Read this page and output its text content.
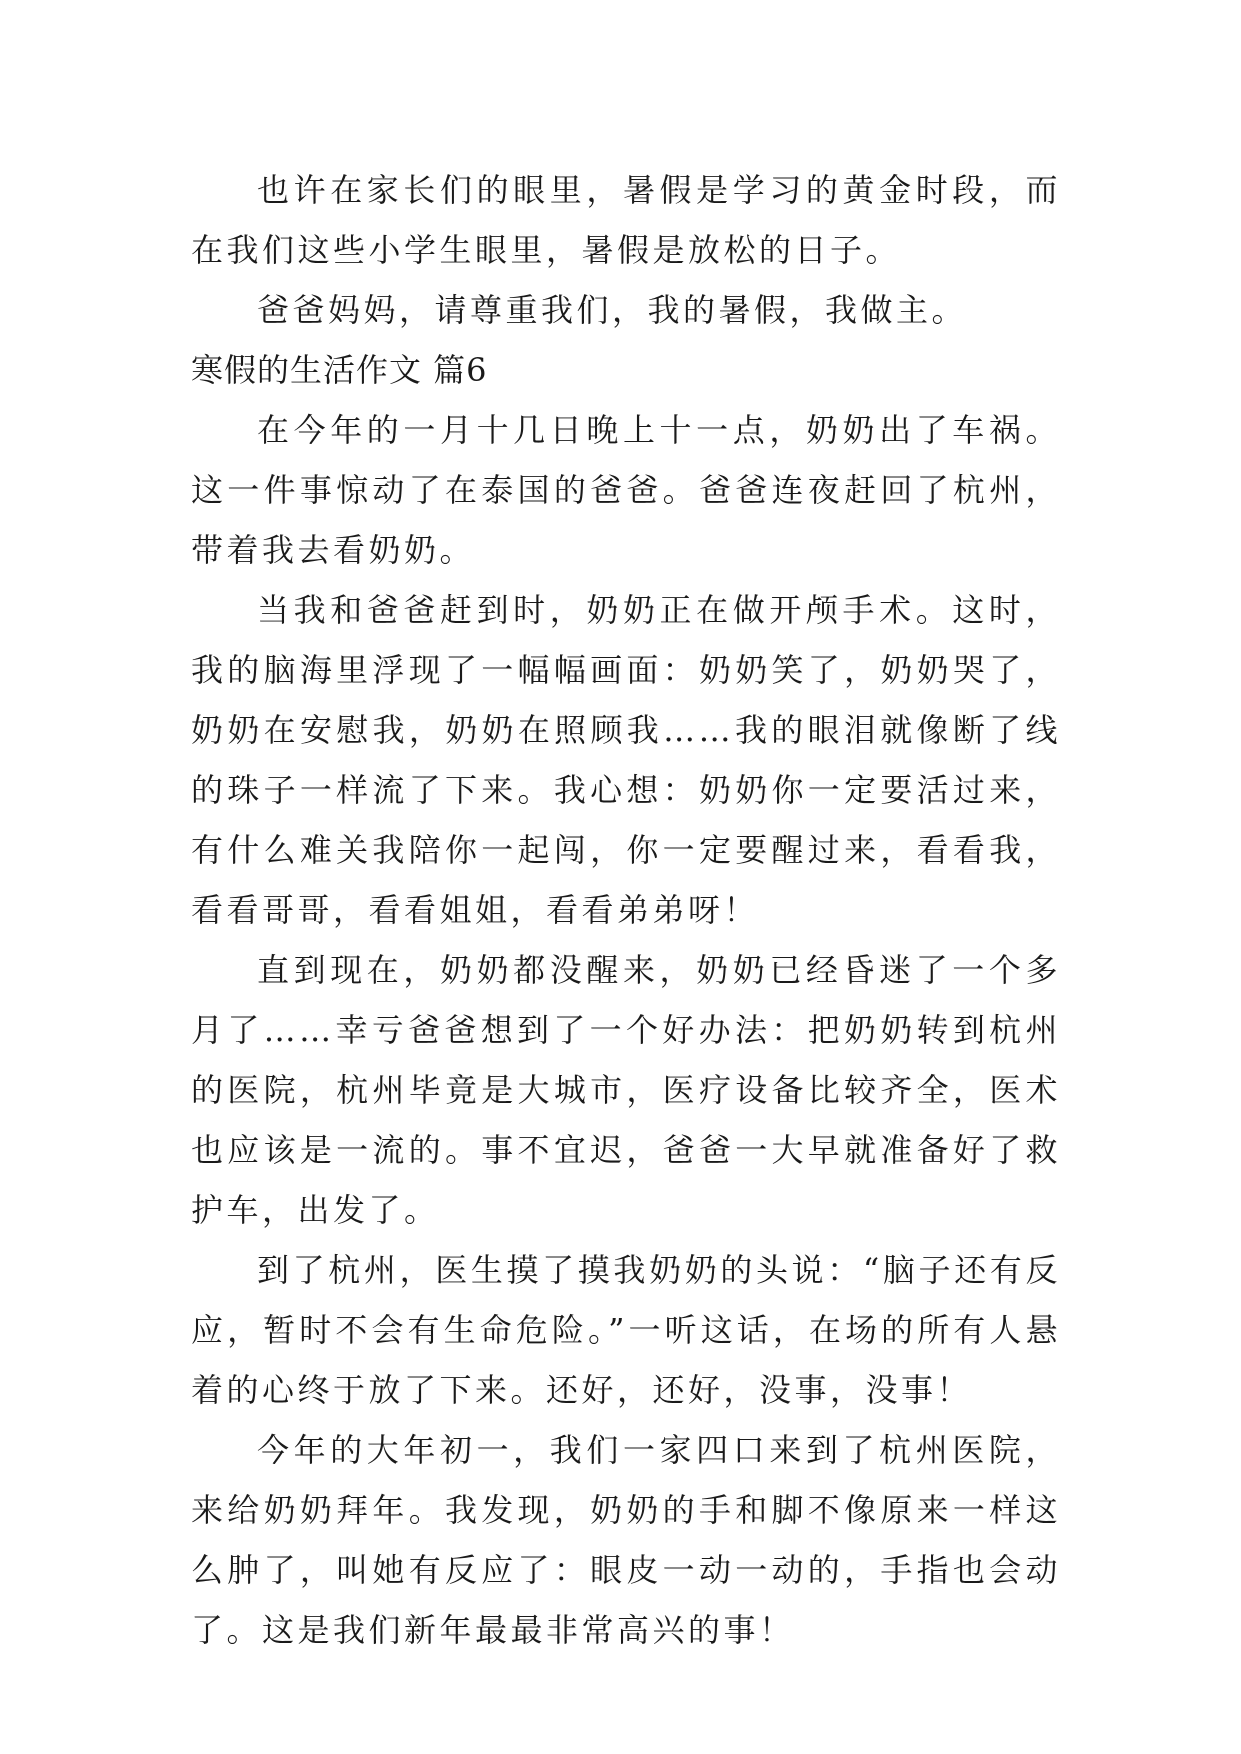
也许在家长们的眼里，暑假是学习的黄金时段，而在我们这些小学生眼里，暑假是放松的日子。

爸爸妈妈，请尊重我们，我的暑假，我做主。

寒假的生活作文 篇6

在今年的一月十几日晚上十一点，奶奶出了车祸。这一件事惊动了在泰国的爸爸。爸爸连夜赶回了杭州，带着我去看奶奶。

当我和爸爸赶到时，奶奶正在做开颅手术。这时，我的脑海里浮现了一幅幅画面：奶奶笑了，奶奶哭了，奶奶在安慰我，奶奶在照顾我……我的眼泪就像断了线的珠子一样流了下来。我心想：奶奶你一定要活过来，有什么难关我陪你一起闯，你一定要醒过来，看看我，看看哥哥，看看姐姐，看看弟弟呀！

直到现在，奶奶都没醒来，奶奶已经昏迷了一个多月了……幸亏爸爸想到了一个好办法：把奶奶转到杭州的医院，杭州毕竟是大城市，医疗设备比较齐全，医术也应该是一流的。事不宜迟，爸爸一大早就准备好了救护车，出发了。

到了杭州，医生摸了摸我奶奶的头说：“脑子还有反应，暂时不会有生命危险。”一听这话，在场的所有人悬着的心终于放了下来。还好，还好，没事，没事！

今年的大年初一，我们一家四口来到了杭州医院，来给奶奶拜年。我发现，奶奶的手和脚不像原来一样这么肿了，叫她有反应了：眼皮一动一动的，手指也会动了。这是我们新年最最非常高兴的事！
